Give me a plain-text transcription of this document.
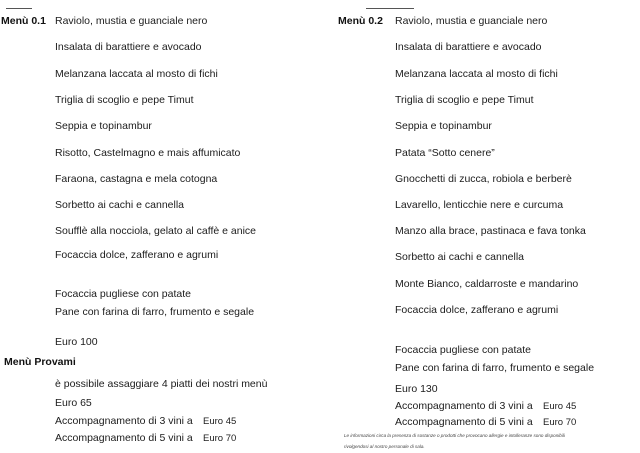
Menù 0.1 Raviolo, mustia e guanciale nero
Insalata di barattiere e avocado
Melanzana laccata al mosto di fichi
Triglia di scoglio e pepe Timut
Seppia e topinambur
Risotto, Castelmagno e mais affumicato
Faraona, castagna e mela cotogna
Sorbetto ai cachi e cannella
Soufflè alla nocciola, gelato al caffè e anice
Focaccia dolce, zafferano e agrumi
Focaccia pugliese con patate
Pane con farina di farro, frumento e segale
Euro 100
Menù Provami
è possibile assaggiare 4 piatti dei nostri menù
Euro 65
Accompagnamento di 3 vini a Euro 45
Accompagnamento di 5 vini a Euro 70
Menù 0.2 Raviolo, mustia e guanciale nero
Insalata di barattiere e avocado
Melanzana laccata al mosto di fichi
Triglia di scoglio e pepe Timut
Seppia e topinambur
Patata “Sotto cenere”
Gnocchetti di zucca, robiola e berberè
Lavarello, lenticchie nere e curcuma
Manzo alla brace, pastinaca e fava tonka
Sorbetto ai cachi e cannella
Monte Bianco, caldarroste e mandarino
Focaccia dolce, zafferano e agrumi
Focaccia pugliese con patate
Pane con farina di farro, frumento e segale
Euro 130
Accompagnamento di 3 vini a Euro 45
Accompagnamento di 5 vini a Euro 70
Le informazioni circa la presenza di sostanze o prodotti che provocano allergie e intolleranze sono disponibili
rivolgendosi al nostro personale di sala.
